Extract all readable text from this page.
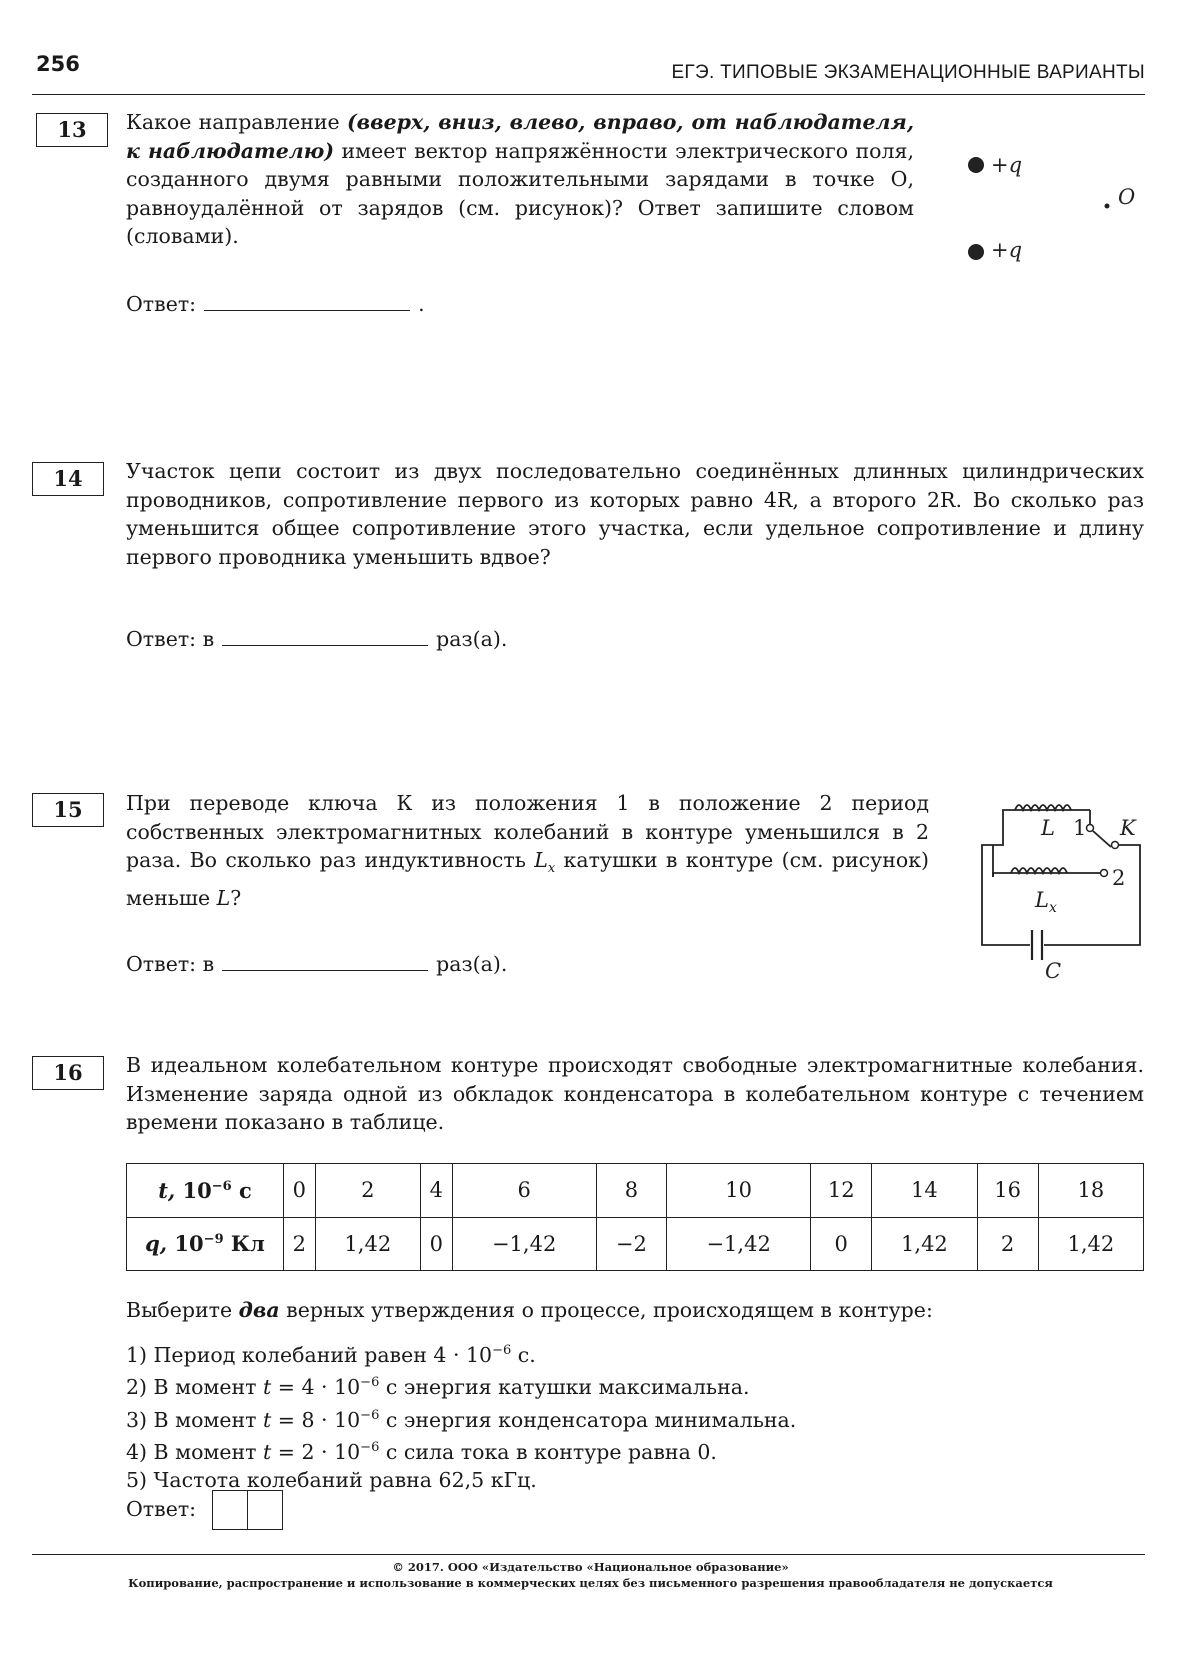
256	ЕГЭ. ТИПОВЫЕ ЭКЗАМЕНАЦИОННЫЕ ВАРИАНТЫ
13	Какое направление (вверх, вниз, влево, вправо, от наблюдателя, к наблюдателю) имеет вектор напряжённости электрического поля, созданного двумя равными положительными зарядами в точке О, равноудалённой от зарядов (см. рисунок)? Ответ запишите словом (словами).
+q
+q
O
Ответ:	.
14	Участок цепи состоит из двух последовательно соединённых длинных цилиндрических проводников, сопротивление первого из которых равно 4R, а второго 2R. Во сколько раз уменьшится общее сопротивление этого участка, если удельное сопротивление и длину первого проводника уменьшить вдвое?
Ответ: в	раз(а).
15	При переводе ключа К из положения 1 в положение 2 период собственных электромагнитных колебаний в контуре уменьшился в 2 раза. Во сколько раз индуктивность $L_x$ катушки в контуре (см. рисунок) меньше L?
Ответ: в	раз(а).
L 1 K
2
$L_x$
C
16	В идеальном колебательном контуре происходят свободные электромагнитные колебания. Изменение заряда одной из обкладок конденсатора в колебательном контуре с течением времени показано в таблице.
t, $10^{-6}$ с	0	2	4	6	8	10	12	14	16	18
q, $10^{-9}$ Кл	2	1,42	0	−1,42	−2	−1,42	0	1,42	2	1,42
Выберите два верных утверждения о процессе, происходящем в контуре:
1) Период колебаний равен $4 \cdot 10^{-6}$ с.
2) В момент $t = 4 \cdot 10^{-6}$ с энергия катушки максимальна.
3) В момент $t = 8 \cdot 10^{-6}$ с энергия конденсатора минимальна.
4) В момент $t = 2 \cdot 10^{-6}$ с сила тока в контуре равна 0.
5) Частота колебаний равна 62,5 кГц.
Ответ:
© 2017. ООО «Издательство «Национальное образование»
Копирование, распространение и использование в коммерческих целях без письменного разрешения правообладателя не допускается
